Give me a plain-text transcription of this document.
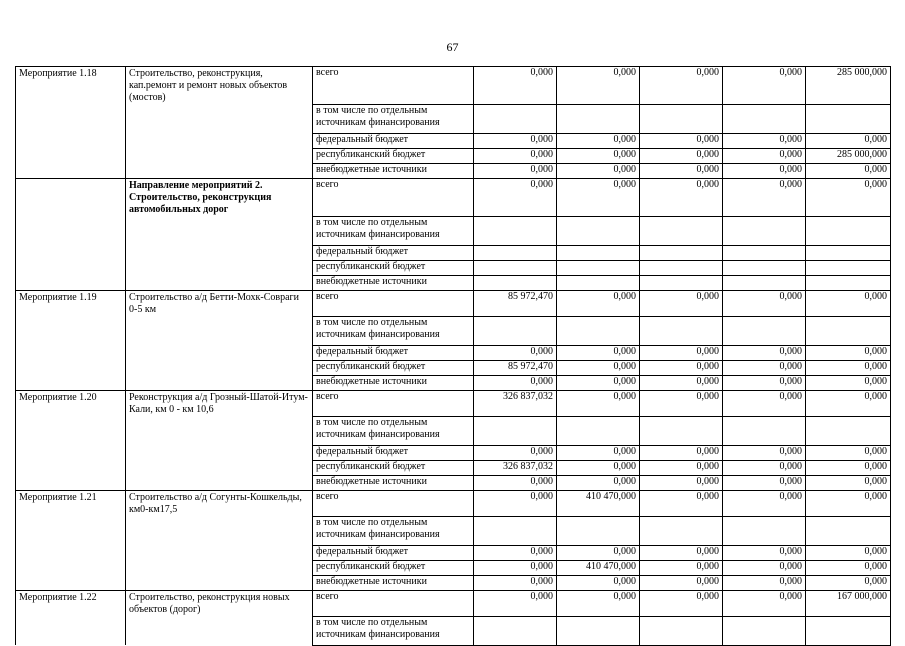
67
Мероприятие 1.18	Строительство, реконструкция, кап.ремонт и ремонт новых объектов (мостов)	всего	0,000	0,000	0,000	0,000	285 000,000
		в том числе по отдельным источникам финансирования					
		федеральный бюджет	0,000	0,000	0,000	0,000	0,000
		республиканский бюджет	0,000	0,000	0,000	0,000	285 000,000
		внебюджетные источники	0,000	0,000	0,000	0,000	0,000
	Направление мероприятий 2. Строительство, реконструкция автомобильных дорог	всего	0,000	0,000	0,000	0,000	0,000
		в том числе по отдельным источникам финансирования					
		федеральный бюджет					
		республиканский бюджет					
		внебюджетные источники					
Мероприятие 1.19	Строительство а/д Бетти-Мохк-Совраги 0-5 км	всего	85 972,470	0,000	0,000	0,000	0,000
		в том числе по отдельным источникам финансирования					
		федеральный бюджет	0,000	0,000	0,000	0,000	0,000
		республиканский бюджет	85 972,470	0,000	0,000	0,000	0,000
		внебюджетные источники	0,000	0,000	0,000	0,000	0,000
Мероприятие 1.20	Реконструкция а/д Грозный-Шатой-Итум-Кали, км 0 - км 10,6	всего	326 837,032	0,000	0,000	0,000	0,000
		в том числе по отдельным источникам финансирования					
		федеральный бюджет	0,000	0,000	0,000	0,000	0,000
		республиканский бюджет	326 837,032	0,000	0,000	0,000	0,000
		внебюджетные источники	0,000	0,000	0,000	0,000	0,000
Мероприятие 1.21	Строительство а/д Согунты-Кошкельды, км0-км17,5	всего	0,000	410 470,000	0,000	0,000	0,000
		в том числе по отдельным источникам финансирования					
		федеральный бюджет	0,000	0,000	0,000	0,000	0,000
		республиканский бюджет	0,000	410 470,000	0,000	0,000	0,000
		внебюджетные источники	0,000	0,000	0,000	0,000	0,000
Мероприятие 1.22	Строительство, реконструкция новых объектов (дорог)	всего	0,000	0,000	0,000	0,000	167 000,000
		в том числе по отдельным источникам финансирования					
